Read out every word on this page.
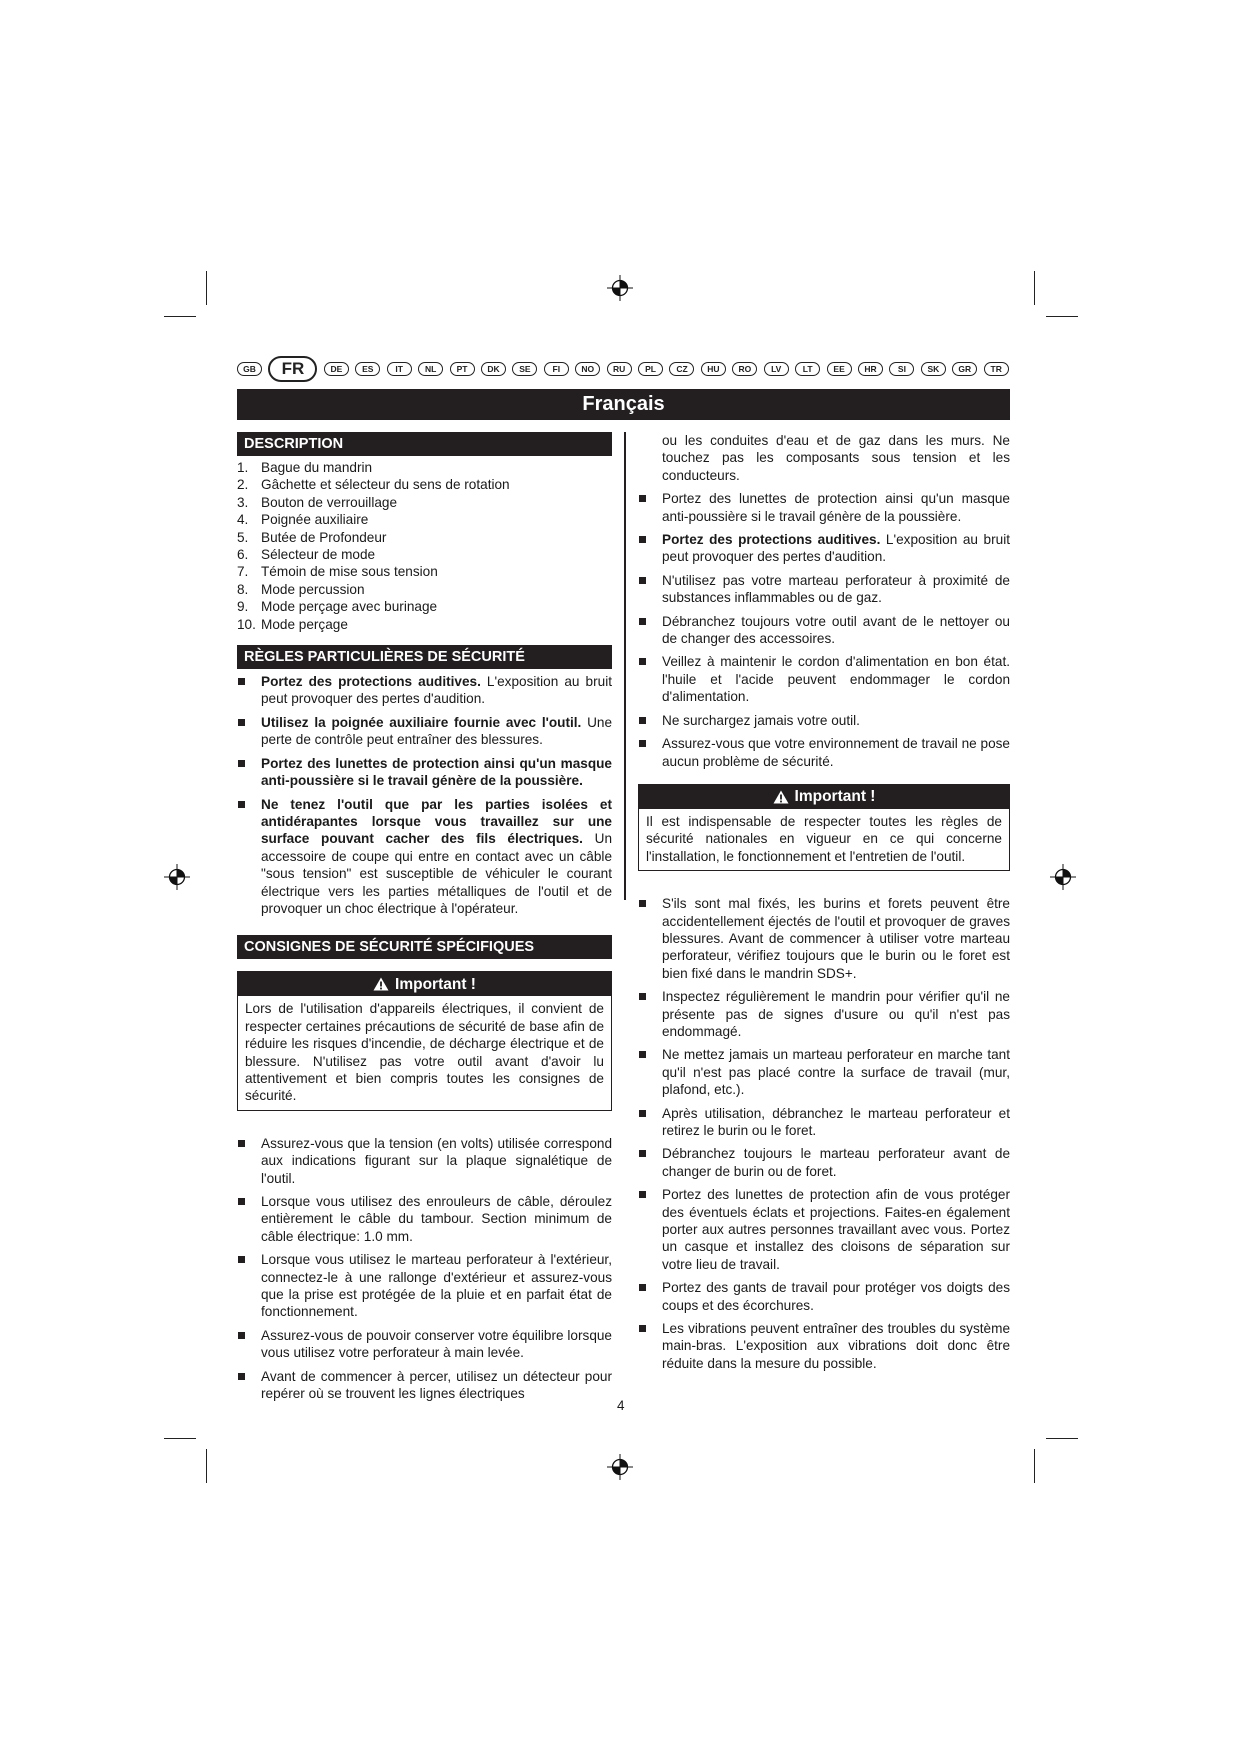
GB	FR	DE	ES	IT	NL	PT	DK	SE	FI	NO	RU	PL	CZ	HU	RO	LV	LT	EE	HR	SI	SK	GR	TR
Français
DESCRIPTION
1. Bague du mandrin
2. Gâchette et sélecteur du sens de rotation
3. Bouton de verrouillage
4. Poignée auxiliaire
5. Butée de Profondeur
6. Sélecteur de mode
7. Témoin de mise sous tension
8. Mode percussion
9. Mode perçage avec burinage
10. Mode perçage
RÈGLES PARTICULIÈRES DE SÉCURITÉ
Portez des protections auditives. L'exposition au bruit peut provoquer des pertes d'audition.
Utilisez la poignée auxiliaire fournie avec l'outil. Une perte de contrôle peut entraîner des blessures.
Portez des lunettes de protection ainsi qu'un masque anti-poussière si le travail génère de la poussière.
Ne tenez l'outil que par les parties isolées et antidérapantes lorsque vous travaillez sur une surface pouvant cacher des fils électriques. Un accessoire de coupe qui entre en contact avec un câble "sous tension" est susceptible de véhiculer le courant électrique vers les parties métalliques de l'outil et de provoquer un choc électrique à l'opérateur.
CONSIGNES DE SÉCURITÉ SPÉCIFIQUES
Important !
Lors de l'utilisation d'appareils électriques, il convient de respecter certaines précautions de sécurité de base afin de réduire les risques d'incendie, de décharge électrique et de blessure. N'utilisez pas votre outil avant d'avoir lu attentivement et bien compris toutes les consignes de sécurité.
Assurez-vous que la tension (en volts) utilisée correspond aux indications figurant sur la plaque signalétique de l'outil.
Lorsque vous utilisez des enrouleurs de câble, déroulez entièrement le câble du tambour. Section minimum de câble électrique: 1.0 mm.
Lorsque vous utilisez le marteau perforateur à l'extérieur, connectez-le à une rallonge d'extérieur et assurez-vous que la prise est protégée de la pluie et en parfait état de fonctionnement.
Assurez-vous de pouvoir conserver votre équilibre lorsque vous utilisez votre perforateur à main levée.
Avant de commencer à percer, utilisez un détecteur pour repérer où se trouvent les lignes électriques
ou les conduites d'eau et de gaz dans les murs. Ne touchez pas les composants sous tension et les conducteurs.
Portez des lunettes de protection ainsi qu'un masque anti-poussière si le travail génère de la poussière.
Portez des protections auditives. L'exposition au bruit peut provoquer des pertes d'audition.
N'utilisez pas votre marteau perforateur à proximité de substances inflammables ou de gaz.
Débranchez toujours votre outil avant de le nettoyer ou de changer des accessoires.
Veillez à maintenir le cordon d'alimentation en bon état. l'huile et l'acide peuvent endommager le cordon d'alimentation.
Ne surchargez jamais votre outil.
Assurez-vous que votre environnement de travail ne pose aucun problème de sécurité.
Important !
Il est indispensable de respecter toutes les règles de sécurité nationales en vigueur en ce qui concerne l'installation, le fonctionnement et l'entretien de l'outil.
S'ils sont mal fixés, les burins et forets peuvent être accidentellement éjectés de l'outil et provoquer de graves blessures. Avant de commencer à utiliser votre marteau perforateur, vérifiez toujours que le burin ou le foret est bien fixé dans le mandrin SDS+.
Inspectez régulièrement le mandrin pour vérifier qu'il ne présente pas de signes d'usure ou qu'il n'est pas endommagé.
Ne mettez jamais un marteau perforateur en marche tant qu'il n'est pas placé contre la surface de travail (mur, plafond, etc.).
Après utilisation, débranchez le marteau perforateur et retirez le burin ou le foret.
Débranchez toujours le marteau perforateur avant de changer de burin ou de foret.
Portez des lunettes de protection afin de vous protéger des éventuels éclats et projections. Faites-en également porter aux autres personnes travaillant avec vous. Portez un casque et installez des cloisons de séparation sur votre lieu de travail.
Portez des gants de travail pour protéger vos doigts des coups et des écorchures.
Les vibrations peuvent entraîner des troubles du système main-bras. L'exposition aux vibrations doit donc être réduite dans la mesure du possible.
4
